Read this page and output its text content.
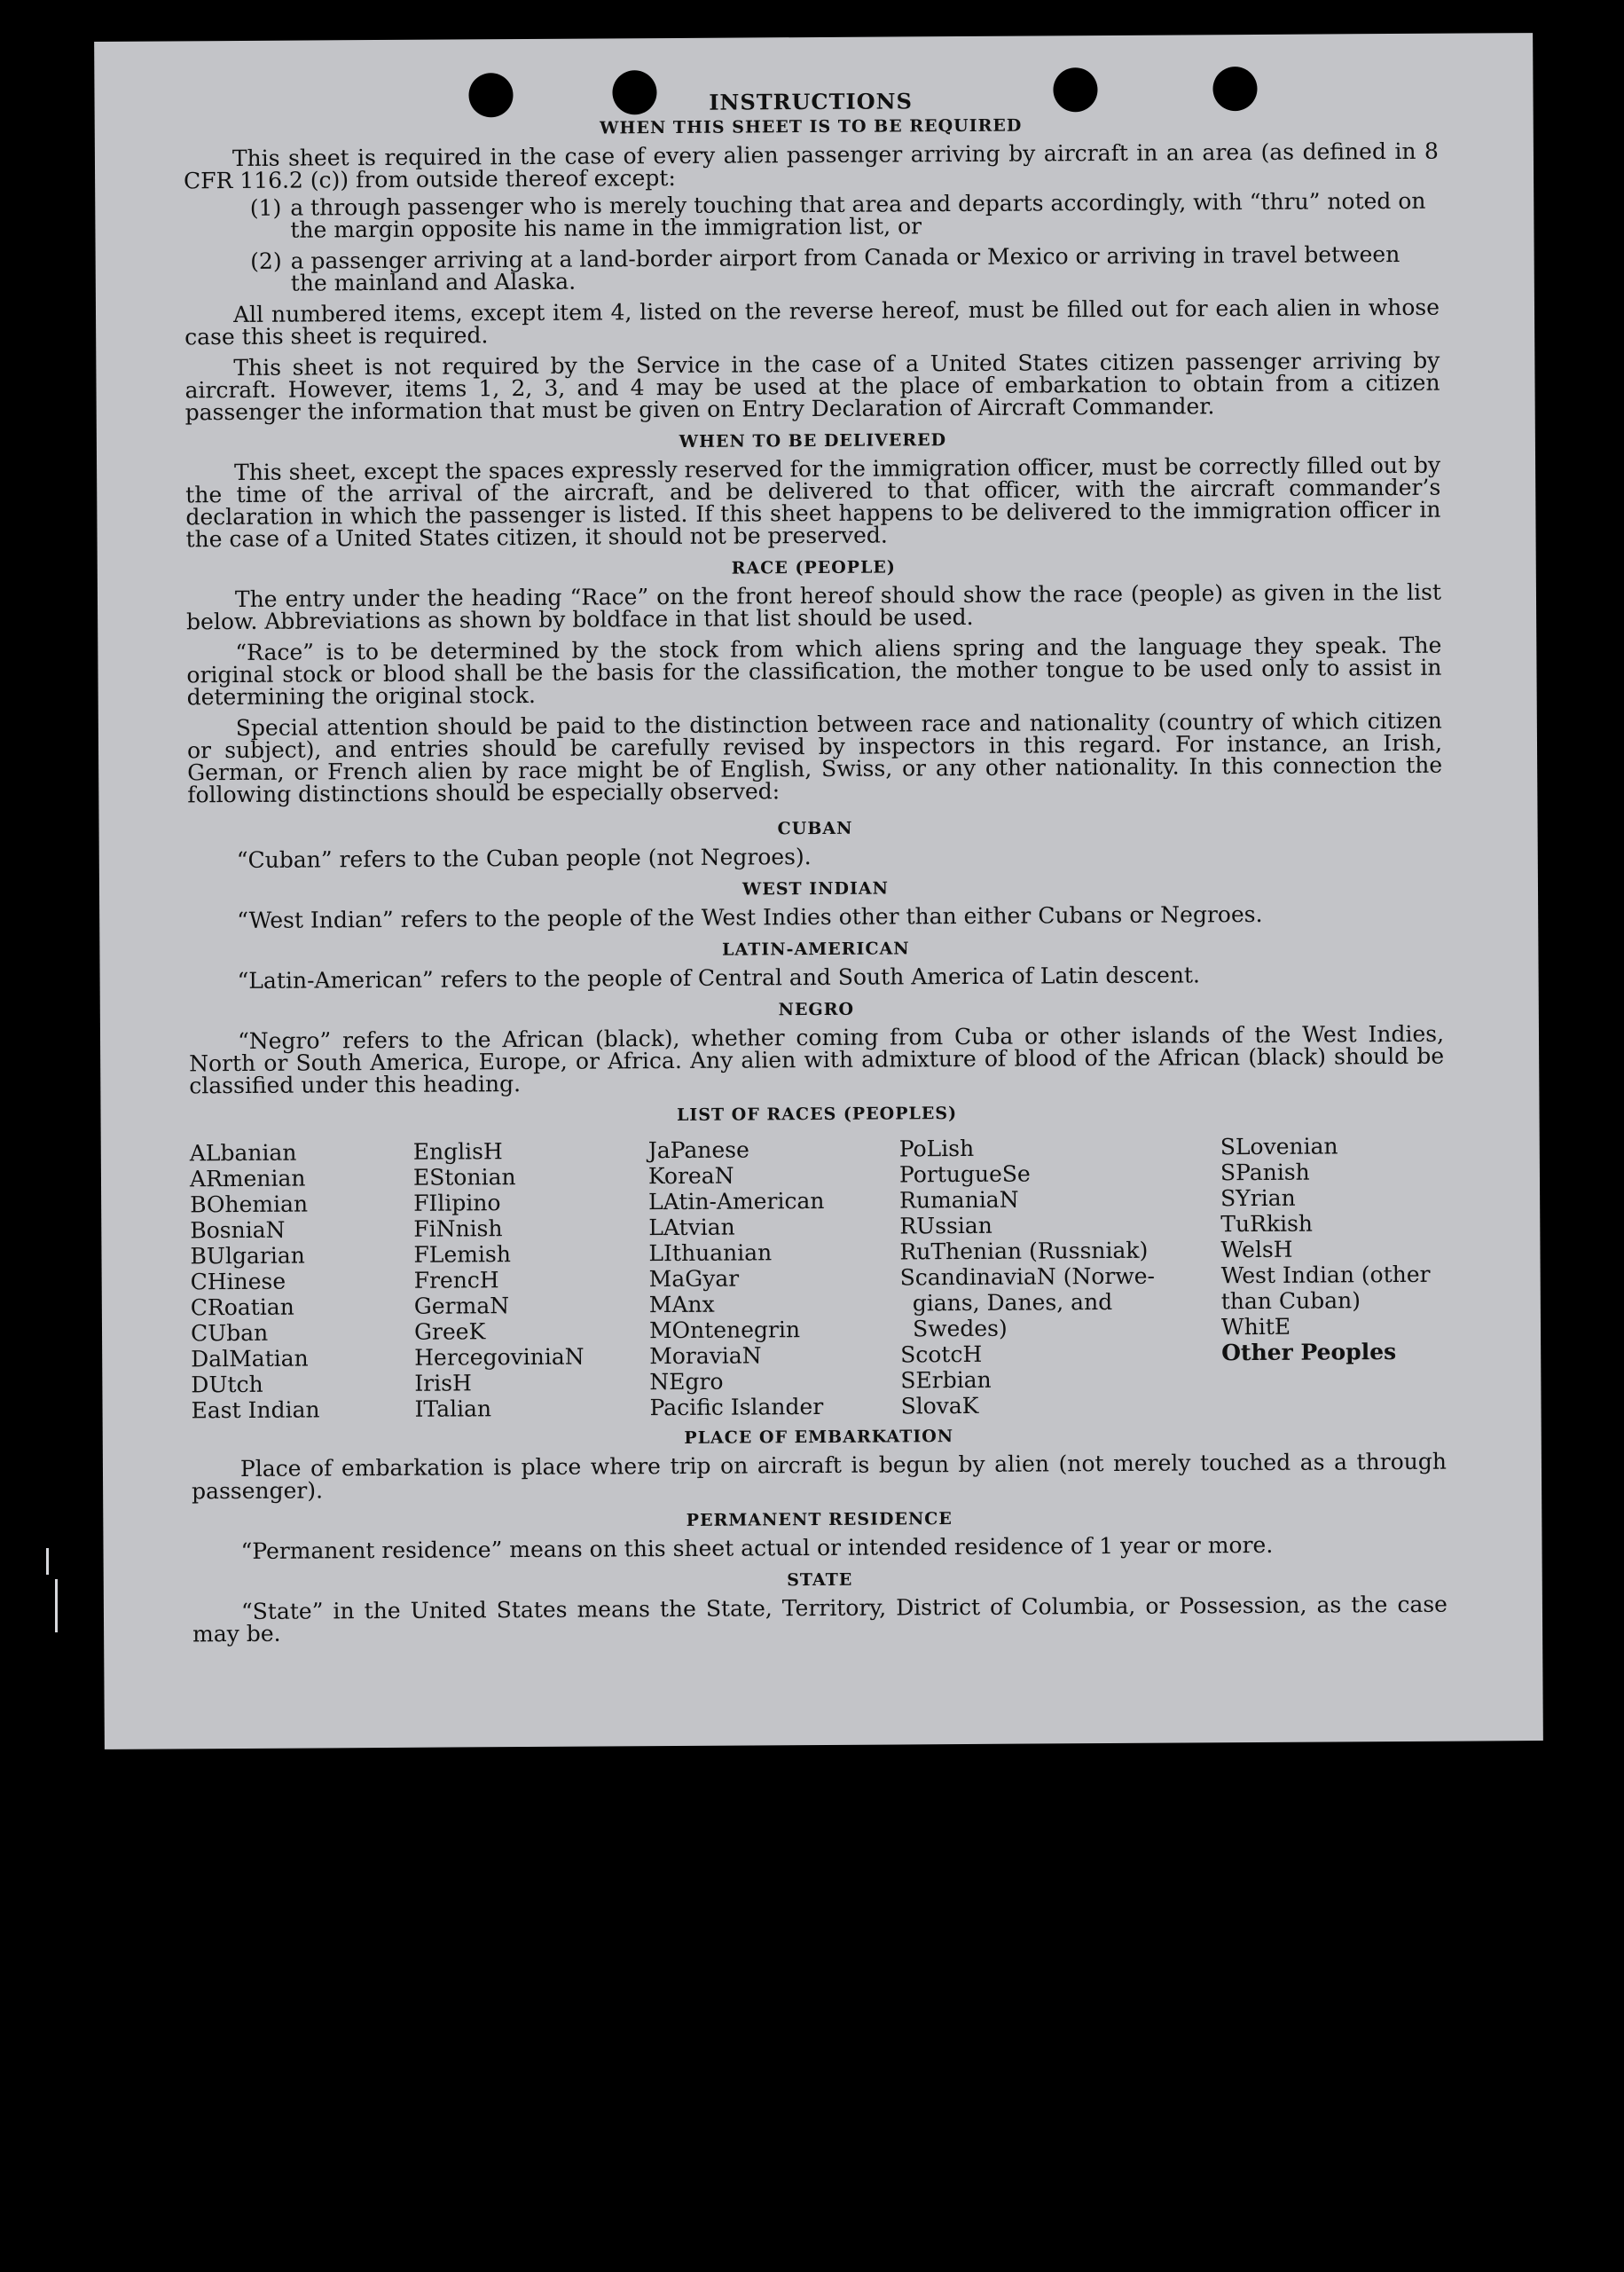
INSTRUCTIONS
WHEN THIS SHEET IS TO BE REQUIRED

This sheet is required in the case of every alien passenger arriving by aircraft in an area (as defined in 8 CFR 116.2 (c)) from outside thereof except:

(1) a through passenger who is merely touching that area and departs accordingly, with “thru” noted on the margin opposite his name in the immigration list, or
(2) a passenger arriving at a land-border airport from Canada or Mexico or arriving in travel between the mainland and Alaska.

All numbered items, except item 4, listed on the reverse hereof, must be filled out for each alien in whose case this sheet is required.

This sheet is not required by the Service in the case of a United States citizen passenger arriving by aircraft. However, items 1, 2, 3, and 4 may be used at the place of embarkation to obtain from a citizen passenger the information that must be given on Entry Declaration of Aircraft Commander.

WHEN TO BE DELIVERED

This sheet, except the spaces expressly reserved for the immigration officer, must be correctly filled out by the time of the arrival of the aircraft, and be delivered to that officer, with the aircraft commander’s declaration in which the passenger is listed. If this sheet happens to be delivered to the immigration officer in the case of a United States citizen, it should not be preserved.

RACE (PEOPLE)

The entry under the heading “Race” on the front hereof should show the race (people) as given in the list below. Abbreviations as shown by boldface in that list should be used.

“Race” is to be determined by the stock from which aliens spring and the language they speak. The original stock or blood shall be the basis for the classification, the mother tongue to be used only to assist in determining the original stock.

Special attention should be paid to the distinction between race and nationality (country of which citizen or subject), and entries should be carefully revised by inspectors in this regard. For instance, an Irish, German, or French alien by race might be of English, Swiss, or any other nationality. In this connection the following distinctions should be especially observed:

CUBAN

“Cuban” refers to the Cuban people (not Negroes).

WEST INDIAN

“West Indian” refers to the people of the West Indies other than either Cubans or Negroes.

LATIN-AMERICAN

“Latin-American” refers to the people of Central and South America of Latin descent.

NEGRO

“Negro” refers to the African (black), whether coming from Cuba or other islands of the West Indies, North or South America, Europe, or Africa. Any alien with admixture of blood of the African (black) should be classified under this heading.

LIST OF RACES (PEOPLES)
ALbanian
ARmenian
BOhemian
BosniaN
BUlgarian
CHinese
CRoatian
CUban
DalMatian
DUtch
East Indian
EnglisH
EStonian
FIlipino
FiNnish
FLemish
FrencH
GermaN
GreeK
HercegoviniaN
IrisH
ITalian
JaPanese
KoreaN
LAtin-American
LAtvian
LIthuanian
MaGyar
MAnx
MOntenegrin
MoraviaN
NEgro
Pacific Islander
PoLish
PortugueSe
RumaniaN
RUssian
RuThenian (Russniak)
ScandinaviaN (Norwe-
gians, Danes, and
Swedes)
ScotcH
SErbian
SlovaK
SLovenian
SPanish
SYrian
TuRkish
WelsH
West Indian (other
than Cuban)
WhitE
Other Peoples
PLACE OF EMBARKATION

Place of embarkation is place where trip on aircraft is begun by alien (not merely touched as a through passenger).

PERMANENT RESIDENCE

“Permanent residence” means on this sheet actual or intended residence of 1 year or more.

STATE

“State” in the United States means the State, Territory, District of Columbia, or Possession, as the case may be.
